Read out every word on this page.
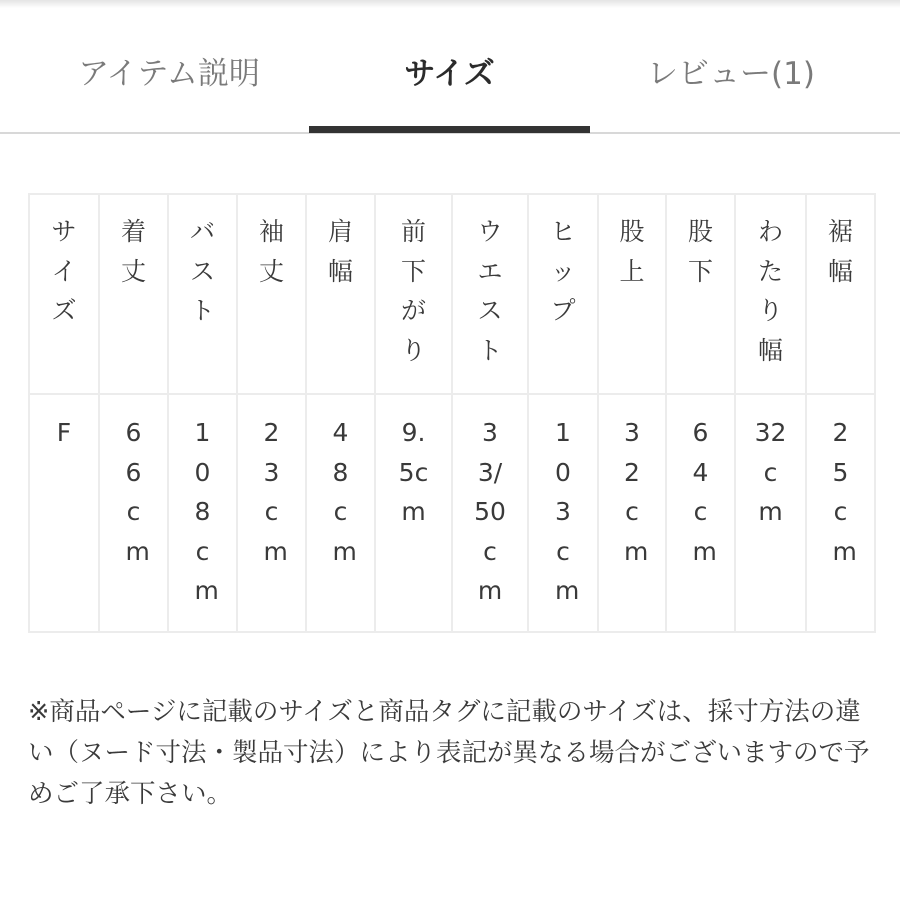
アイテム説明	サイズ	レビュー(1)
サイズ	着丈	バスト	袖丈	肩幅	前下がり	ウエスト	ヒップ	股上	股下	わたり幅	裾幅

F	66cm	108cm	23cm	48cm	9.5cm	33/50cm	103cm	32cm	64cm	32cm	25cm
※商品ページに記載のサイズと商品タグに記載のサイズは、採寸方法の違い（ヌード寸法・製品寸法）により表記が異なる場合がございますので予めご了承下さい。
